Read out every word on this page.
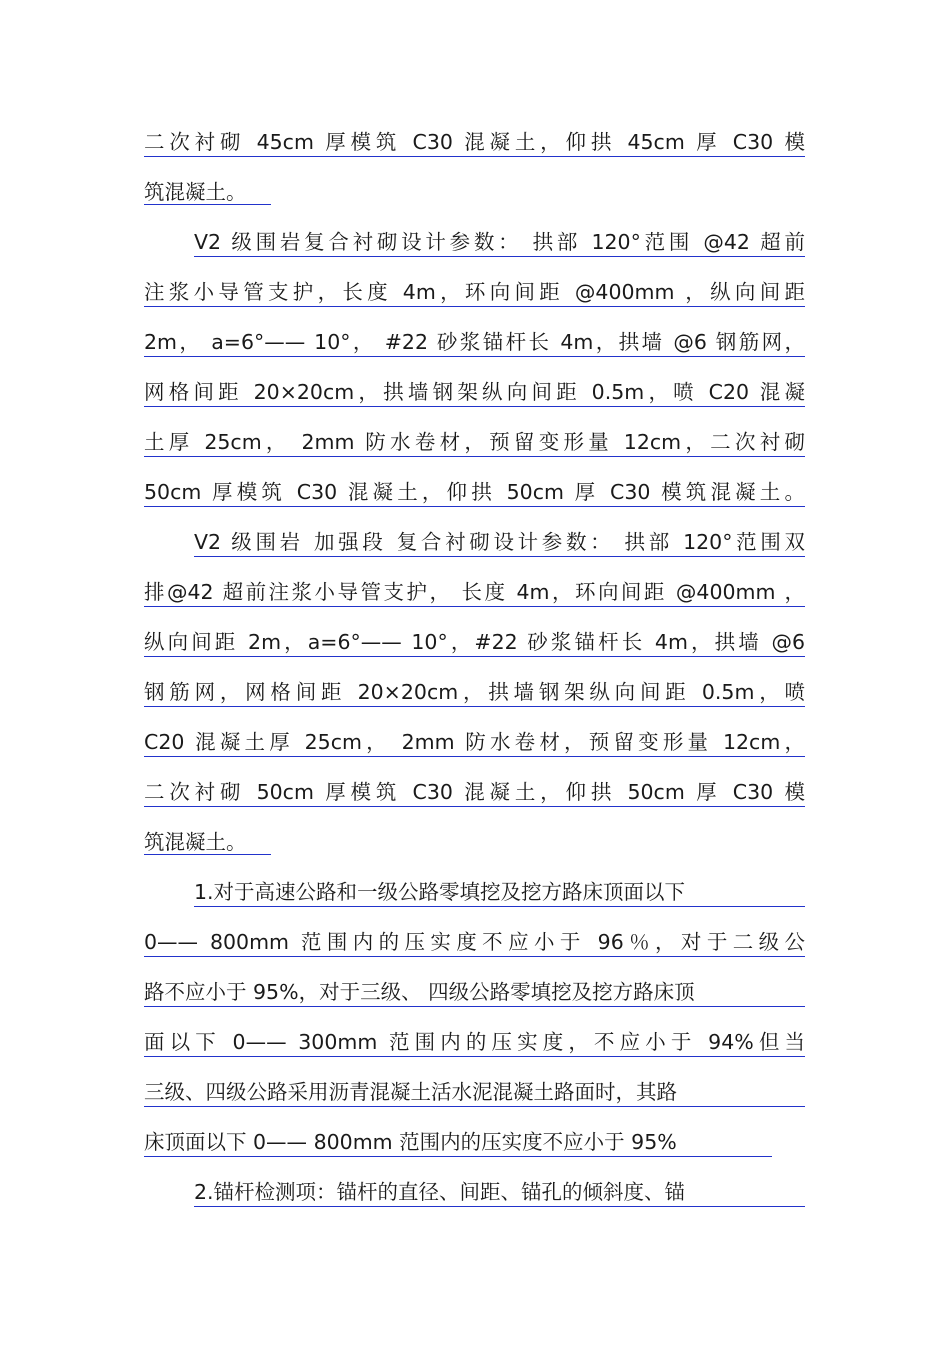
二次衬砌 45cm 厚模筑 C30 混凝土，仰拱 45cm 厚 C30 模
筑混凝土。
V2 级围岩复合衬砌设计参数： 拱部 120°范围 @42 超前
注浆小导管支护，长度 4m，环向间距 @400mm ，纵向间距
2m， a=6°—— 10°， #22 砂浆锚杆长 4m，拱墙 @6 钢筋网，
网格间距 20×20cm，拱墙钢架纵向间距 0.5m，喷 C20 混凝
土厚 25cm， 2mm 防水卷材，预留变形量 12cm，二次衬砌
50cm 厚模筑 C30 混凝土，仰拱 50cm 厚 C30 模筑混凝土。
V2 级围岩 加强段 复合衬砌设计参数： 拱部 120°范围双
排@42 超前注浆小导管支护， 长度 4m，环向间距 @400mm ，
纵向间距 2m，a=6°—— 10°，#22 砂浆锚杆长 4m，拱墙 @6
钢筋网，网格间距 20×20cm，拱墙钢架纵向间距 0.5m，喷
C20 混凝土厚 25cm， 2mm 防水卷材，预留变形量 12cm，
二次衬砌 50cm 厚模筑 C30 混凝土，仰拱 50cm 厚 C30 模
筑混凝土。
1.对于高速公路和一级公路零填挖及挖方路床顶面以下
0—— 800mm 范围内的压实度不应小于 96％，对于二级公
路不应小于 95%，对于三级、 四级公路零填挖及挖方路床顶
面以下 0—— 300mm 范围内的压实度，不应小于 94%但当
三级、四级公路采用沥青混凝土活水泥混凝土路面时，其路
床顶面以下 0—— 800mm 范围内的压实度不应小于 95%
2.锚杆检测项：锚杆的直径、间距、锚孔的倾斜度、锚
